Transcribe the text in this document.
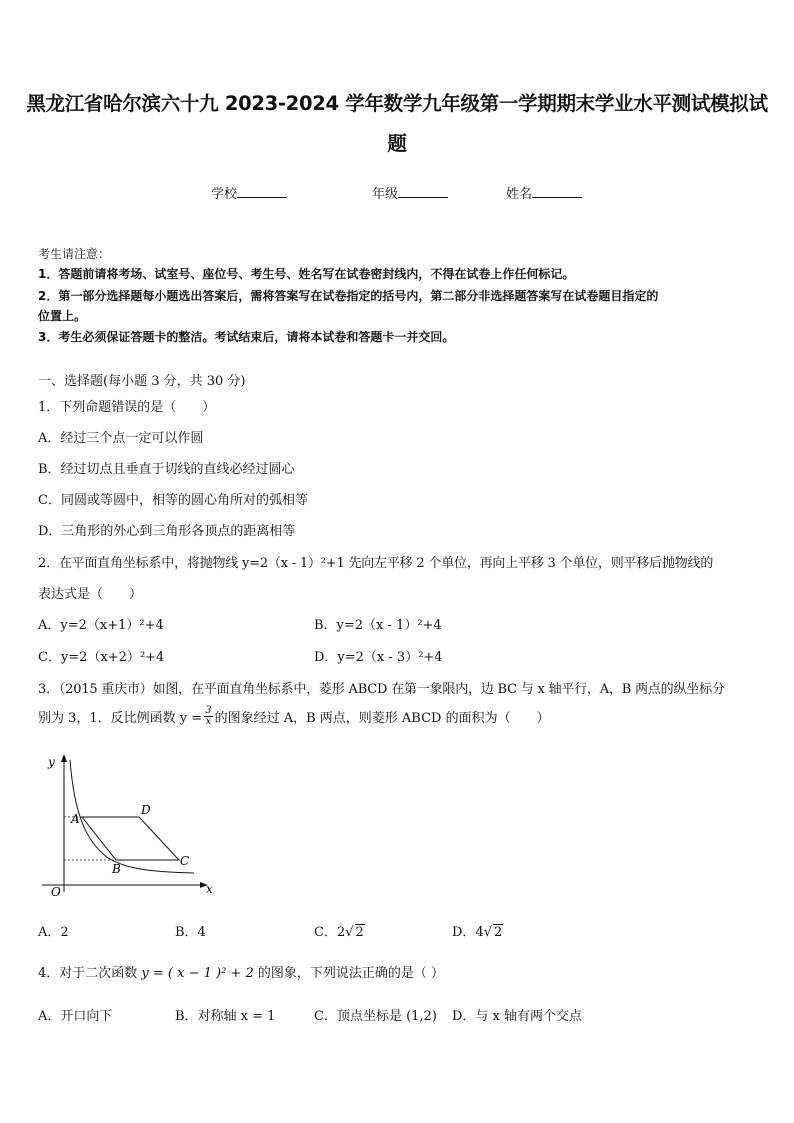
黑龙江省哈尔滨六十九 2023-2024 学年数学九年级第一学期期末学业水平测试模拟试
题
学校	年级	姓名
考生请注意：
1．答题前请将考场、试室号、座位号、考生号、姓名写在试卷密封线内，不得在试卷上作任何标记。
2．第一部分选择题每小题选出答案后，需将答案写在试卷指定的括号内，第二部分非选择题答案写在试卷题目指定的
位置上。
3．考生必须保证答题卡的整洁。考试结束后，请将本试卷和答题卡一并交回。
一、选择题(每小题 3 分，共 30 分)
1．下列命题错误的是（　　）
A．经过三个点一定可以作圆
B．经过切点且垂直于切线的直线必经过圆心
C．同圆或等圆中，相等的圆心角所对的弧相等
D．三角形的外心到三角形各顶点的距离相等
2．在平面直角坐标系中，将抛物线 y=2（x - 1）²+1 先向左平移 2 个单位，再向上平移 3 个单位，则平移后抛物线的
表达式是（　　）
A．y=2（x+1）²+4	B．y=2（x - 1）²+4
C．y=2（x+2）²+4	D．y=2（x - 3）²+4
3．（2015 重庆市）如图，在平面直角坐标系中，菱形 ABCD 在第一象限内，边 BC 与 x 轴平行，A，B 两点的纵坐标分
别为 3，1．反比例函数 $y = \frac{3}{x}$ 的图象经过 A，B 两点，则菱形 ABCD 的面积为（　　）
y
x
O
A
D
C
B
A．2	B．4	C．2√ 2	D．4√ 2
4．对于二次函数 y = ( x − 1 )² + 2 的图象，下列说法正确的是（ ）
A．开口向下	B．对称轴 x = 1	C．顶点坐标是 (1,2) D．与 x 轴有两个交点
